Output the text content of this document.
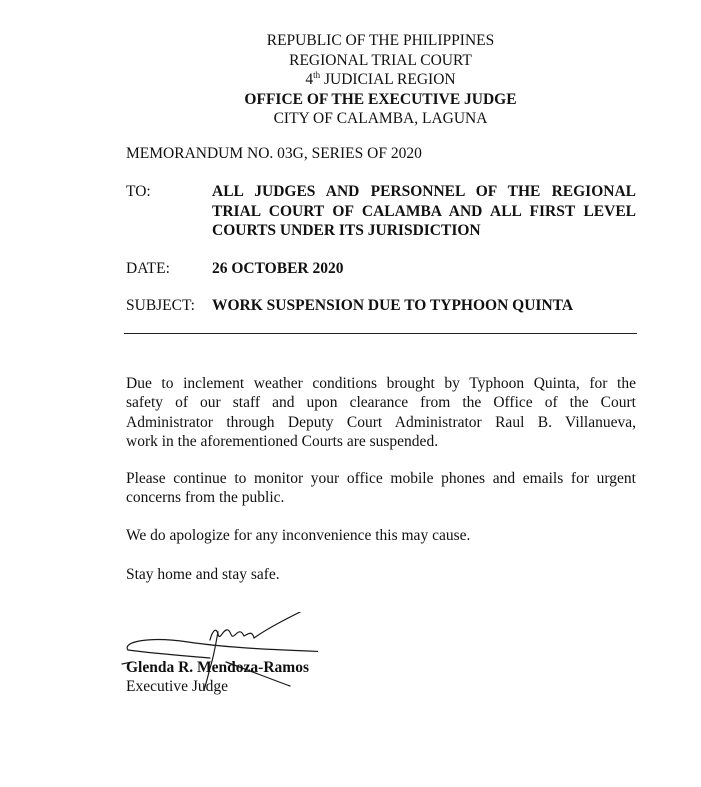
REPUBLIC OF THE PHILIPPINES
REGIONAL TRIAL COURT
4th JUDICIAL REGION
OFFICE OF THE EXECUTIVE JUDGE
CITY OF CALAMBA, LAGUNA
MEMORANDUM NO. 03G, SERIES OF 2020
TO:	ALL JUDGES AND PERSONNEL OF THE REGIONAL
TRIAL COURT OF CALAMBA AND ALL FIRST LEVEL
COURTS UNDER ITS JURISDICTION
DATE:	26 OCTOBER 2020
SUBJECT: WORK SUSPENSION DUE TO TYPHOON QUINTA
Due to inclement weather conditions brought by Typhoon Quinta, for the
safety of our staff and upon clearance from the Office of the Court
Administrator through Deputy Court Administrator Raul B. Villanueva,
work in the aforementioned Courts are suspended.
Please continue to monitor your office mobile phones and emails for urgent
concerns from the public.
We do apologize for any inconvenience this may cause.
Stay home and stay safe.
Glenda R. Mendoza-Ramos
Executive Judge
